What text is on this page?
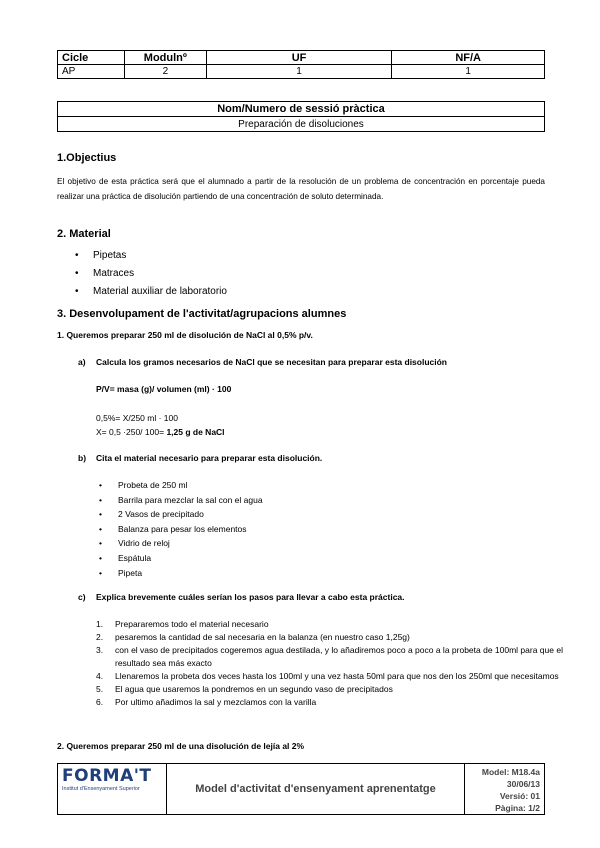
Cicle	Modulnº	UF	NF/A
AP	2	1	1
Nom/Numero de sessió pràctica
Preparación de disoluciones
1.Objectius
El objetivo de esta práctica será que el alumnado a partir de la resolución de un problema de concentración en porcentaje pueda realizar una práctica de disolución partiendo de una concentración de soluto determinada.
2. Material
• Pipetas
• Matraces
• Material auxiliar de laboratorio
3. Desenvolupament de l'activitat/agrupacions alumnes
1. Queremos preparar 250 ml de disolución de NaCl al 0,5% p/v.
a) Calcula los gramos necesarios de NaCl que se necesitan para preparar esta disolución
P/V= masa (g)/ volumen (ml) · 100
0,5%= X/250 ml · 100
X= 0,5 ·250/ 100= 1,25 g de NaCl
b) Cita el material necesario para preparar esta disolución.
• Probeta de 250 ml
• Barrila para mezclar la sal con el agua
• 2 Vasos de precipitado
• Balanza para pesar los elementos
• Vidrio de reloj
• Espátula
• Pipeta
c) Explica brevemente cuáles serían los pasos para llevar a cabo esta práctica.
1. Prepararemos todo el material necesario
2. pesaremos la cantidad de sal necesaria en la balanza (en nuestro caso 1,25g)
3. con el vaso de precipitados cogeremos agua destilada, y lo añadiremos poco a poco a la probeta de 100ml para que el resultado sea más exacto
4. Llenaremos la probeta dos veces hasta los 100ml y una vez hasta 50ml para que nos den los 250ml que necesitamos
5. El agua que usaremos la pondremos en un segundo vaso de precipitados
6. Por ultimo añadimos la sal y mezclamos con la varilla
2. Queremos preparar 250 ml de una disolución de lejía al 2%
FORMA'T
Institut d'Ensenyament Superior	Model d'activitat d'ensenyament aprenentatge
Model: M18.4a
30/06/13
Versió: 01
Pàgina: 1/2
